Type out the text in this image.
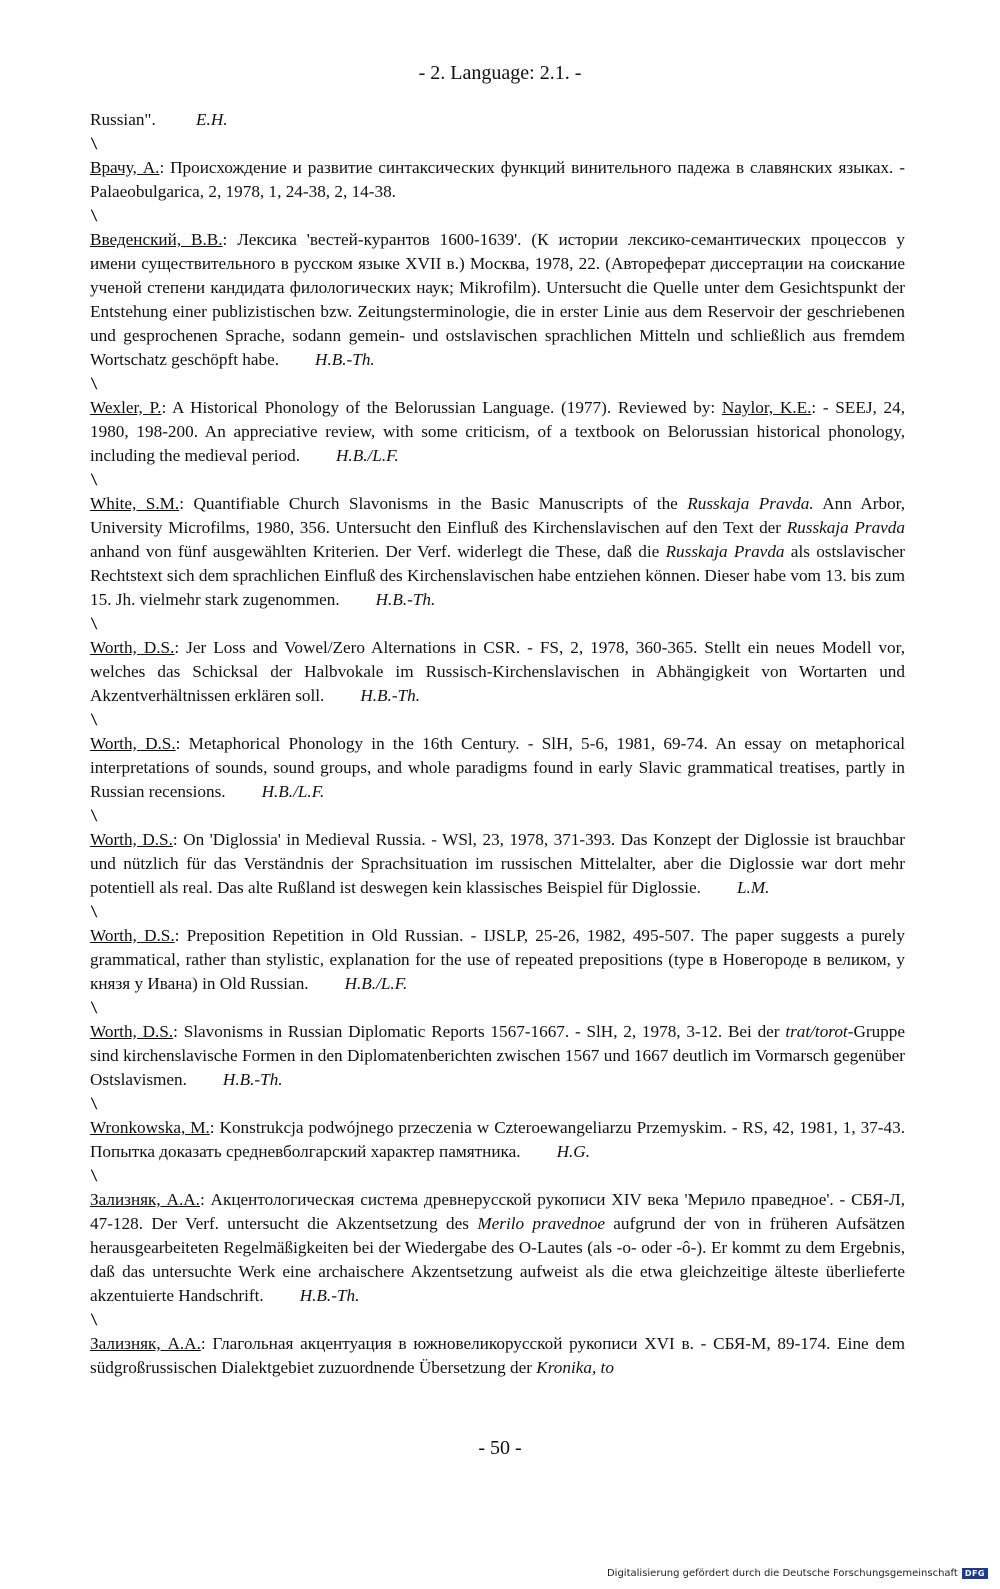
- 2. Language: 2.1. -

Russian". E.H.

\

Врачу, А.: Происхождение и развитие синтаксических функций винительного падежа в славянских языках. - Palaeobulgarica, 2, 1978, 1, 24-38, 2, 14-38.

\

Введенский, В.В.: Лексика 'вестей-курантов 1600-1639'. (К истории лексико-семантических процессов у имени существительного в русском языке XVII в.) Москва, 1978, 22. (Автореферат диссертации на соискание ученой степени кандидата филологических наук; Mikrofilm). Untersucht die Quelle unter dem Gesichtspunkt der Entstehung einer publizistischen bzw. Zeitungsterminologie, die in erster Linie aus dem Reservoir der geschriebenen und gesprochenen Sprache, sodann gemein- und ostslavischen sprachlichen Mitteln und schließlich aus fremdem Wortschatz geschöpft habe. H.B.-Th.

\

Wexler, P.: A Historical Phonology of the Belorussian Language. (1977). Reviewed by: Naylor, K.E.: - SEEJ, 24, 1980, 198-200. An appreciative review, with some criticism, of a textbook on Belorussian historical phonology, including the medieval period. H.B./L.F.

\

White, S.M.: Quantifiable Church Slavonisms in the Basic Manuscripts of the Russkaja Pravda. Ann Arbor, University Microfilms, 1980, 356. Untersucht den Einfluß des Kirchenslavischen auf den Text der Russkaja Pravda anhand von fünf ausgewählten Kriterien. Der Verf. widerlegt die These, daß die Russkaja Pravda als ostslavischer Rechtstext sich dem sprachlichen Einfluß des Kirchenslavischen habe entziehen können. Dieser habe vom 13. bis zum 15. Jh. vielmehr stark zugenommen. H.B.-Th.

\

Worth, D.S.: Jer Loss and Vowel/Zero Alternations in CSR. - FS, 2, 1978, 360-365. Stellt ein neues Modell vor, welches das Schicksal der Halbvokale im Russisch-Kirchenslavischen in Abhängigkeit von Wortarten und Akzentverhältnissen erklären soll. H.B.-Th.

\

Worth, D.S.: Metaphorical Phonology in the 16th Century. - SlH, 5-6, 1981, 69-74. An essay on metaphorical interpretations of sounds, sound groups, and whole paradigms found in early Slavic grammatical treatises, partly in Russian recensions. H.B./L.F.

\

Worth, D.S.: On 'Diglossia' in Medieval Russia. - WSl, 23, 1978, 371-393. Das Konzept der Diglossie ist brauchbar und nützlich für das Verständnis der Sprachsituation im russischen Mittelalter, aber die Diglossie war dort mehr potentiell als real. Das alte Rußland ist deswegen kein klassisches Beispiel für Diglossie. L.M.

\

Worth, D.S.: Preposition Repetition in Old Russian. - IJSLP, 25-26, 1982, 495-507. The paper suggests a purely grammatical, rather than stylistic, explanation for the use of repeated prepositions (type в Новегороде в великом, у князя у Ивана) in Old Russian. H.B./L.F.

\

Worth, D.S.: Slavonisms in Russian Diplomatic Reports 1567-1667. - SlH, 2, 1978, 3-12. Bei der trat/torot-Gruppe sind kirchenslavische Formen in den Diplomatenberichten zwischen 1567 und 1667 deutlich im Vormarsch gegenüber Ostslavismen. H.B.-Th.

\

Wronkowska, M.: Konstrukcja podwójnego przeczenia w Czteroewangeliarzu Przemyskim. - RS, 42, 1981, 1, 37-43. Попытка доказать средневболгарский характер памятника. H.G.

\

Зализняк, А.А.: Акцентологическая система древнерусской рукописи XIV века 'Мерило праведное'. - СБЯ-Л, 47-128. Der Verf. untersucht die Akzentsetzung des Merilo pravednoe aufgrund der von in früheren Aufsätzen herausgearbeiteten Regelmäßigkeiten bei der Wiedergabe des O-Lautes (als -o- oder -ô-). Er kommt zu dem Ergebnis, daß das untersuchte Werk eine archaischere Akzentsetzung aufweist als die etwa gleichzeitige älteste überlieferte akzentuierte Handschrift. H.B.-Th.

\

Зализняк, А.А.: Глагольная акцентуация в южновеликорусской рукописи XVI в. - СБЯ-М, 89-174. Eine dem südgroßrussischen Dialektgebiet zuzuordnende Übersetzung der Kronika, to

- 50 -
Digitalisierung gefördert durch die Deutsche Forschungsgemeinschaft DFG
